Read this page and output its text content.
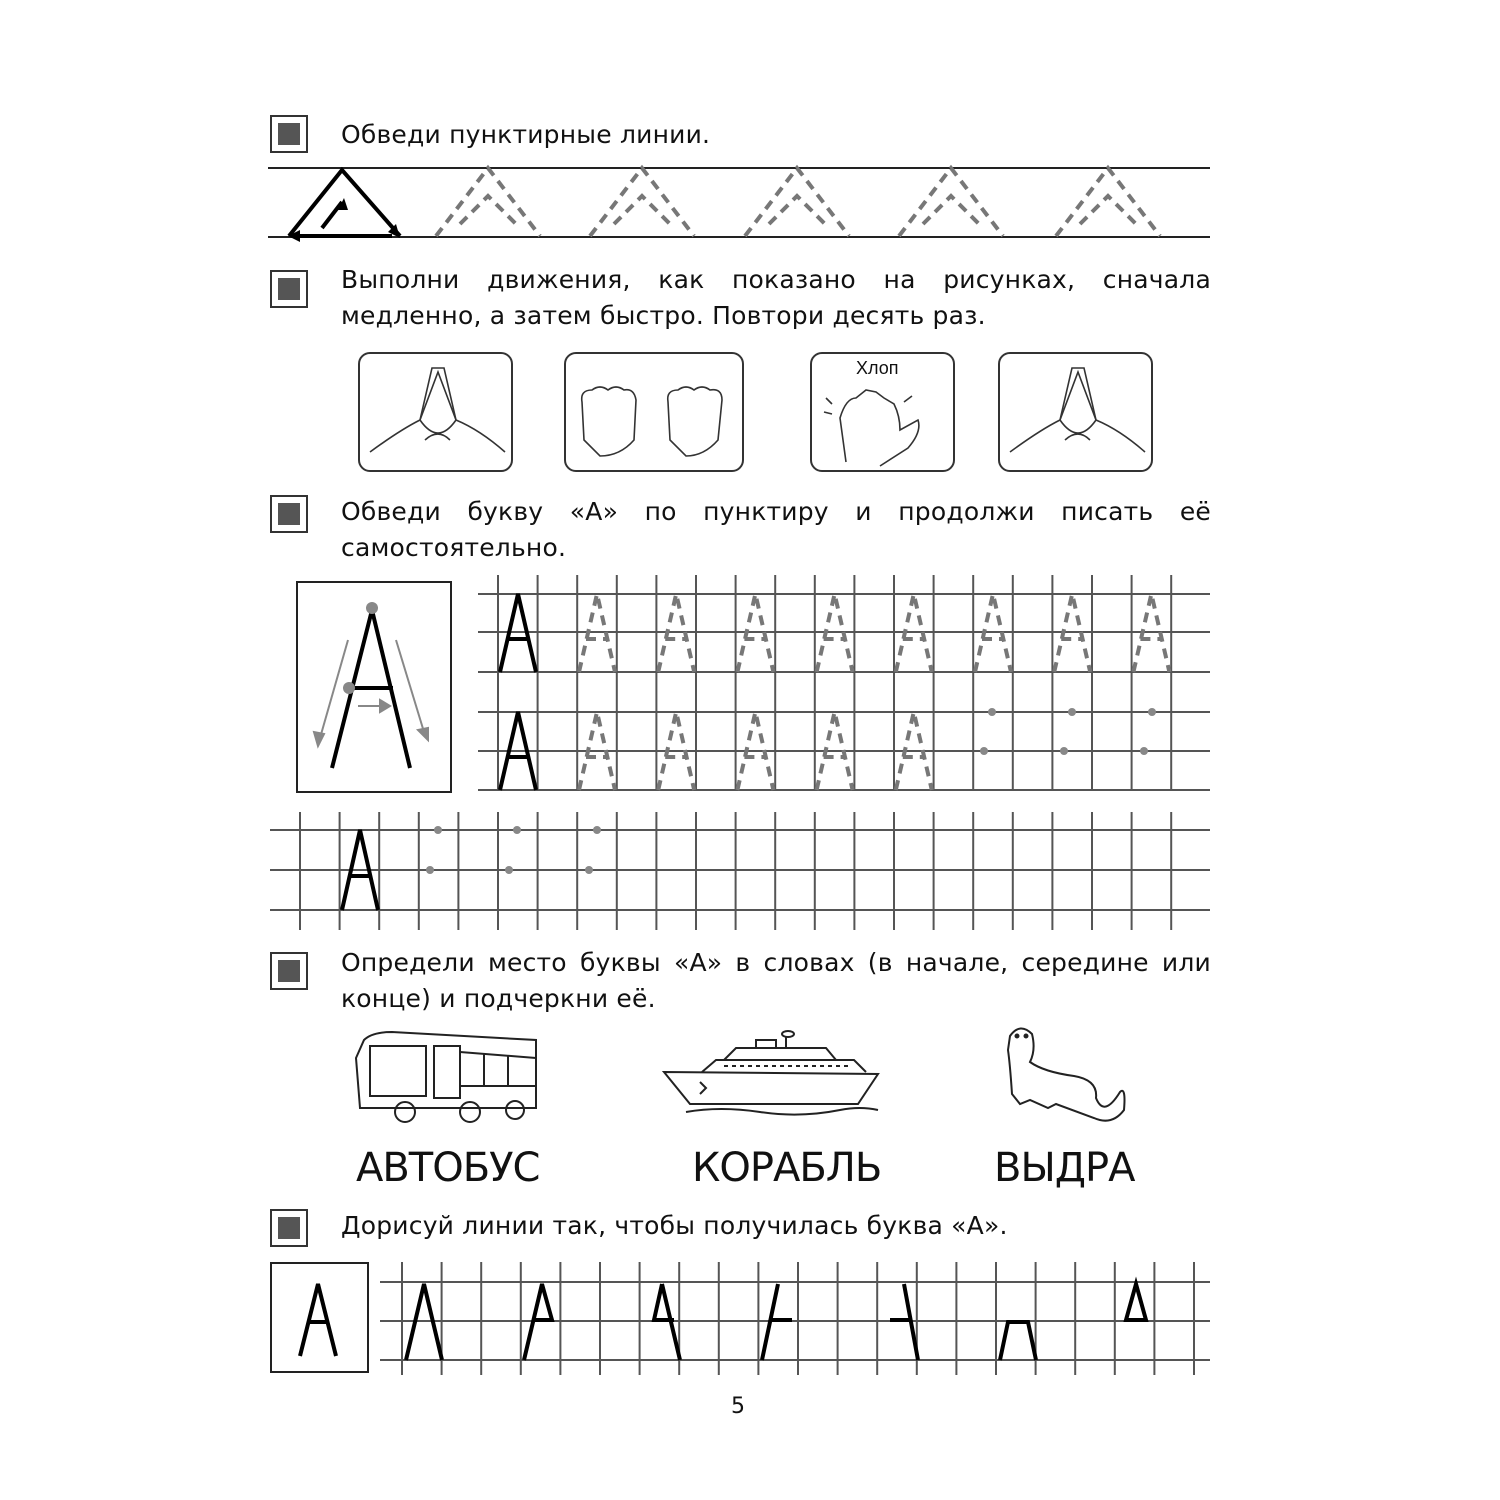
Обведи пунктирные линии.
Выполни движения, как показано на рисунках, сначала медленно, а затем быстро. Повтори десять раз.
Хлоп
Обведи букву «А» по пунктиру и продолжи писать её самостоятельно.
Определи место буквы «А» в словах (в начале, середине или конце) и подчеркни её.
АВТОБУС	КОРАБЛЬ	ВЫДРА
Дорисуй линии так, чтобы получилась буква «А».
5
